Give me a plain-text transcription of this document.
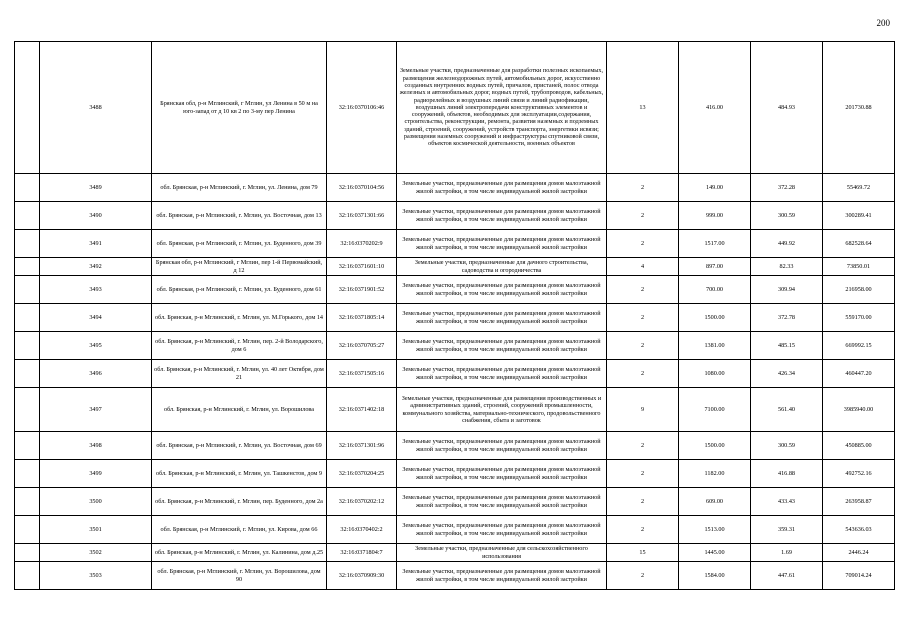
200
	3488	Брянская обл, р-н Мглинский, г Мглин, ул Ленина в 50 м на юго-запад от д 10 кв 2 по 3-му пер Ленина	32:16:0370106:46	Земельные участки, предназначенные для разработки полезных ископаемых, размещения железнодорожных путей, автомобильных дорог, искусственно созданных внутренних водных путей, причалов, пристаней, полос отвода железных и автомобильных дорог, водных путей, трубопроводов, кабельных, радиорелейных и воздушных линий связи и линий радиофикации, воздушных линий электропередачи конструктивных элементов и сооружений, объектов, необходимых для эксплуатации,содержания, строительства, реконструкции, ремонта, развития наземных и подземных зданий, строений, сооружений, устройств транспорта, энергетики исвязи; размещения наземных сооружений и инфраструктуры спутниковой связи, объектов космической деятельности, военных объектов	13	416.00	484.93	201730.88
	3489	обл. Брянская, р-н Мглинский, г. Мглин, ул. Ленина, дом 79	32:16:0370104:56	Земельные участки, предназначенные для размещения домов малоэтажной жилой застройки, в том числе индивидуальной жилой застройки	2	149.00	372.28	55469.72
	3490	обл. Брянская, р-н Мглинский, г. Мглин, ул. Восточная, дом 13	32:16:0371301:66	Земельные участки, предназначенные для размещения домов малоэтажной жилой застройки, в том числе индивидуальной жилой застройки	2	999.00	300.59	300289.41
	3491	обл. Брянская, р-н Мглинский, г. Мглин, ул. Буденного, дом 39	32:16:0370202:9	Земельные участки, предназначенные для размещения домов малоэтажной жилой застройки, в том числе индивидуальной жилой застройки	2	1517.00	449.92	682528.64
	3492	Брянская обл, р-н Мглинский, г Мглин, пер 1-й Первомайский, д 12	32:16:0371601:10	Земельные участки, предназначенные для дачного строительства, садоводства и огородничества	4	897.00	82.33	73850.01
	3493	обл. Брянская, р-н Мглинский, г. Мглин, ул. Буденного, дом 61	32:16:0371901:52	Земельные участки, предназначенные для размещения домов малоэтажной жилой застройки, в том числе индивидуальной жилой застройки	2	700.00	309.94	216958.00
	3494	обл. Брянская, р-н Мглинский, г. Мглин, ул. М.Горького, дом 14	32:16:0371805:14	Земельные участки, предназначенные для размещения домов малоэтажной жилой застройки, в том числе индивидуальной жилой застройки	2	1500.00	372.78	559170.00
	3495	обл. Брянская, р-н Мглинский, г. Мглин, пер. 2-й Володарского, дом 6	32:16:0370705:27	Земельные участки, предназначенные для размещения домов малоэтажной жилой застройки, в том числе индивидуальной жилой застройки	2	1381.00	485.15	669992.15
	3496	обл. Брянская, р-н Мглинский, г. Мглин, ул. 40 лет Октября, дом 21	32:16:0371505:16	Земельные участки, предназначенные для размещения домов малоэтажной жилой застройки, в том числе индивидуальной жилой застройки	2	1080.00	426.34	460447.20
	3497	обл. Брянская, р-н Мглинский, г. Мглин, ул. Ворошилова	32:16:0371402:18	Земельные участки, предназначенные для размещения производственных и административных зданий, строений, сооружений промышленности, коммунального хозяйства, материально-технического, продовольственного снабжения, сбыта и заготовок	9	7100.00	561.40	3985940.00
	3498	обл. Брянская, р-н Мглинский, г. Мглин, ул. Восточная, дом 69	32:16:0371301:96	Земельные участки, предназначенные для размещения домов малоэтажной жилой застройки, в том числе индивидуальной жилой застройки	2	1500.00	300.59	450885.00
	3499	обл. Брянская, р-н Мглинский, г. Мглин, ул. Ташкенстов, дом 9	32:16:0370204:25	Земельные участки, предназначенные для размещения домов малоэтажной жилой застройки, в том числе индивидуальной жилой застройки	2	1182.00	416.88	492752.16
	3500	обл. Брянская, р-н Мглинский, г. Мглин, пер. Буденного, дом 2а	32:16:0370202:12	Земельные участки, предназначенные для размещения домов малоэтажной жилой застройки, в том числе индивидуальной жилой застройки	2	609.00	433.43	263958.87
	3501	обл. Брянская, р-н Мглинский, г. Мглин, ул. Кирова, дом 66	32:16:0370402:2	Земельные участки, предназначенные для размещения домов малоэтажной жилой застройки, в том числе индивидуальной жилой застройки	2	1513.00	359.31	543636.03
	3502	обл. Брянская, р-н Мглинский, г. Мглин, ул. Калинина, дом д.25	32:16:0371804:7	Земельные участки, предназначенные для сельскохозяйственного использования	15	1445.00	1.69	2446.24
	3503	обл. Брянская, р-н Мглинский, г. Мглин, ул. Ворошилова, дом 90	32:16:0370909:30	Земельные участки, предназначенные для размещения домов малоэтажной жилой застройки, в том числе индивидуальной жилой застройки	2	1584.00	447.61	709014.24
